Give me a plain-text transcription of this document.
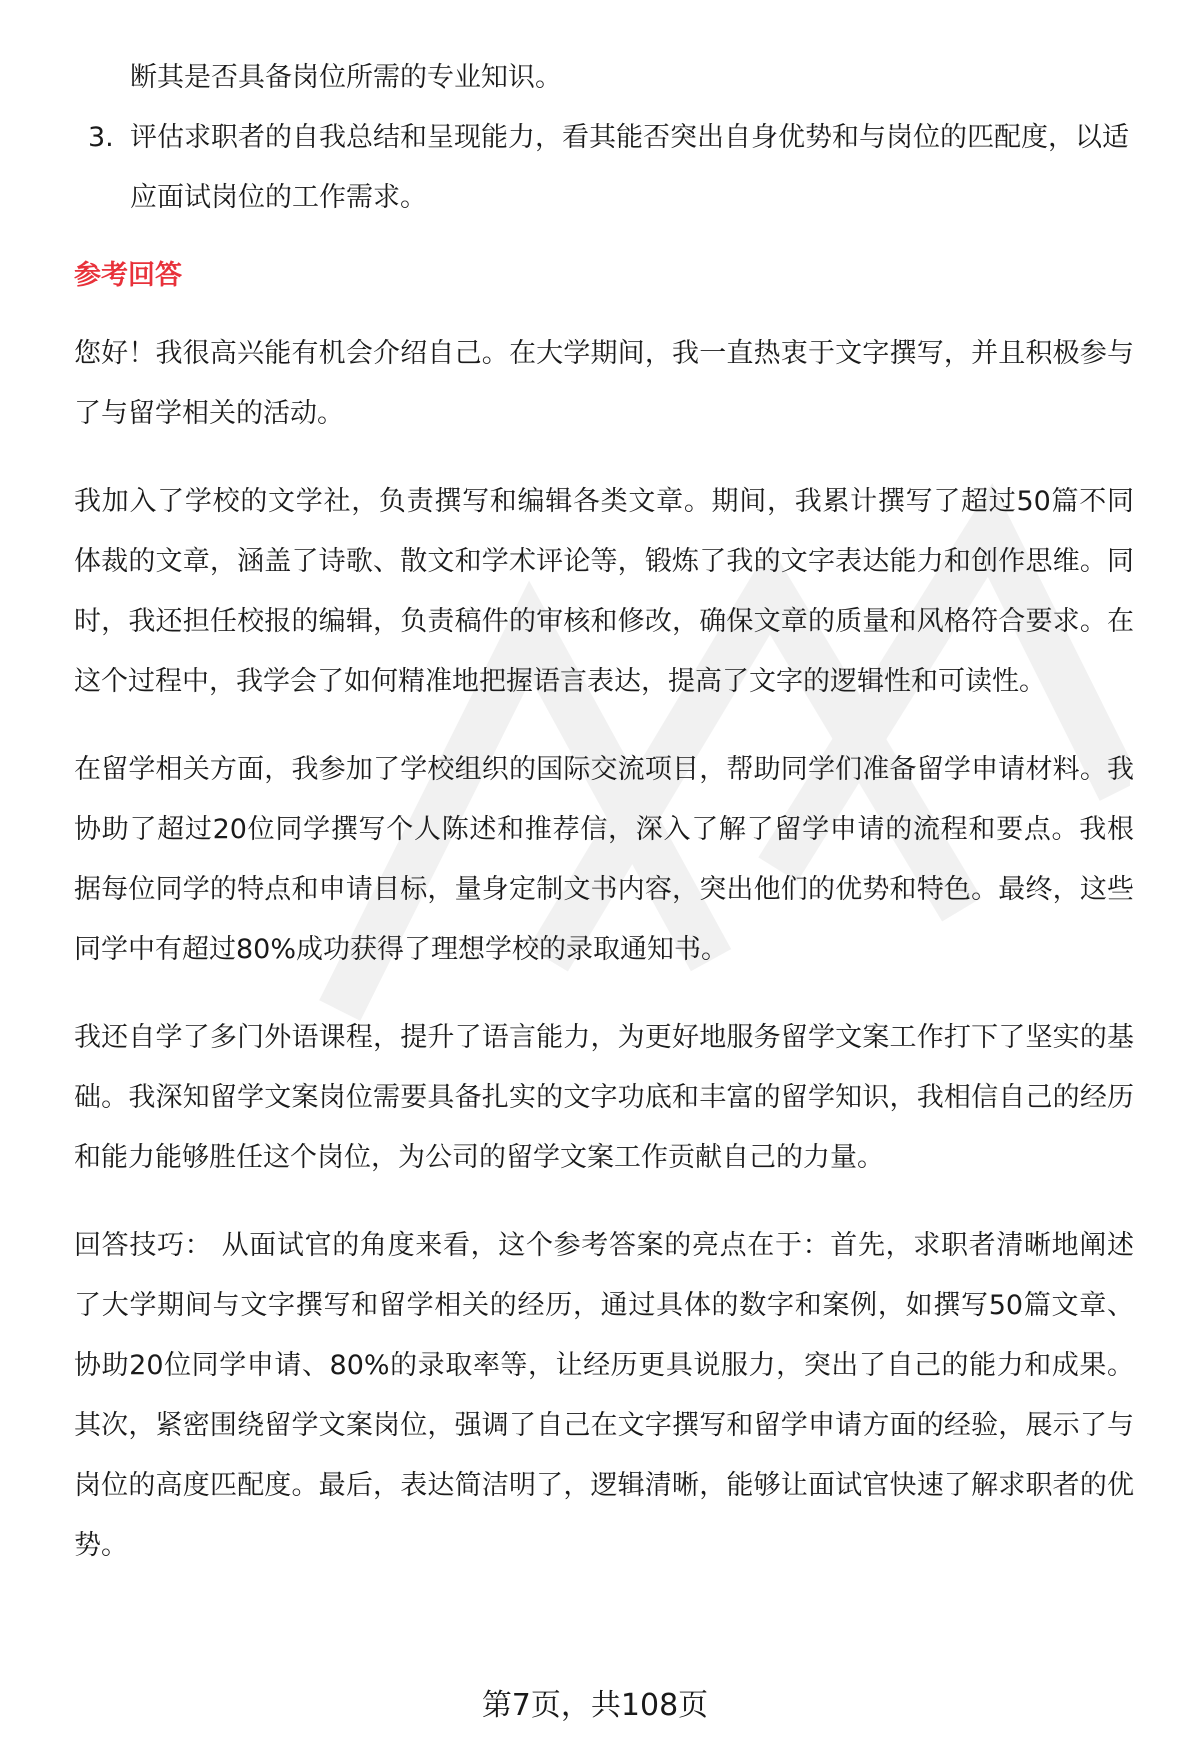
断其是否具备岗位所需的专业知识。
3. 评估求职者的自我总结和呈现能力，看其能否突出自身优势和与岗位的匹配度，以适应面试岗位的工作需求。
参考回答

您好！我很高兴能有机会介绍自己。在大学期间，我一直热衷于文字撰写，并且积极参与了与留学相关的活动。

我加入了学校的文学社，负责撰写和编辑各类文章。期间，我累计撰写了超过50篇不同体裁的文章，涵盖了诗歌、散文和学术评论等，锻炼了我的文字表达能力和创作思维。同时，我还担任校报的编辑，负责稿件的审核和修改，确保文章的质量和风格符合要求。在这个过程中，我学会了如何精准地把握语言表达，提高了文字的逻辑性和可读性。

在留学相关方面，我参加了学校组织的国际交流项目，帮助同学们准备留学申请材料。我协助了超过20位同学撰写个人陈述和推荐信，深入了解了留学申请的流程和要点。我根据每位同学的特点和申请目标，量身定制文书内容，突出他们的优势和特色。最终，这些同学中有超过80%成功获得了理想学校的录取通知书。

我还自学了多门外语课程，提升了语言能力，为更好地服务留学文案工作打下了坚实的基础。我深知留学文案岗位需要具备扎实的文字功底和丰富的留学知识，我相信自己的经历和能力能够胜任这个岗位，为公司的留学文案工作贡献自己的力量。

回答技巧： 从面试官的角度来看，这个参考答案的亮点在于：首先，求职者清晰地阐述了大学期间与文字撰写和留学相关的经历，通过具体的数字和案例，如撰写50篇文章、协助20位同学申请、80%的录取率等，让经历更具说服力，突出了自己的能力和成果。其次，紧密围绕留学文案岗位，强调了自己在文字撰写和留学申请方面的经验，展示了与岗位的高度匹配度。最后，表达简洁明了，逻辑清晰，能够让面试官快速了解求职者的优势。

第7页，共108页
